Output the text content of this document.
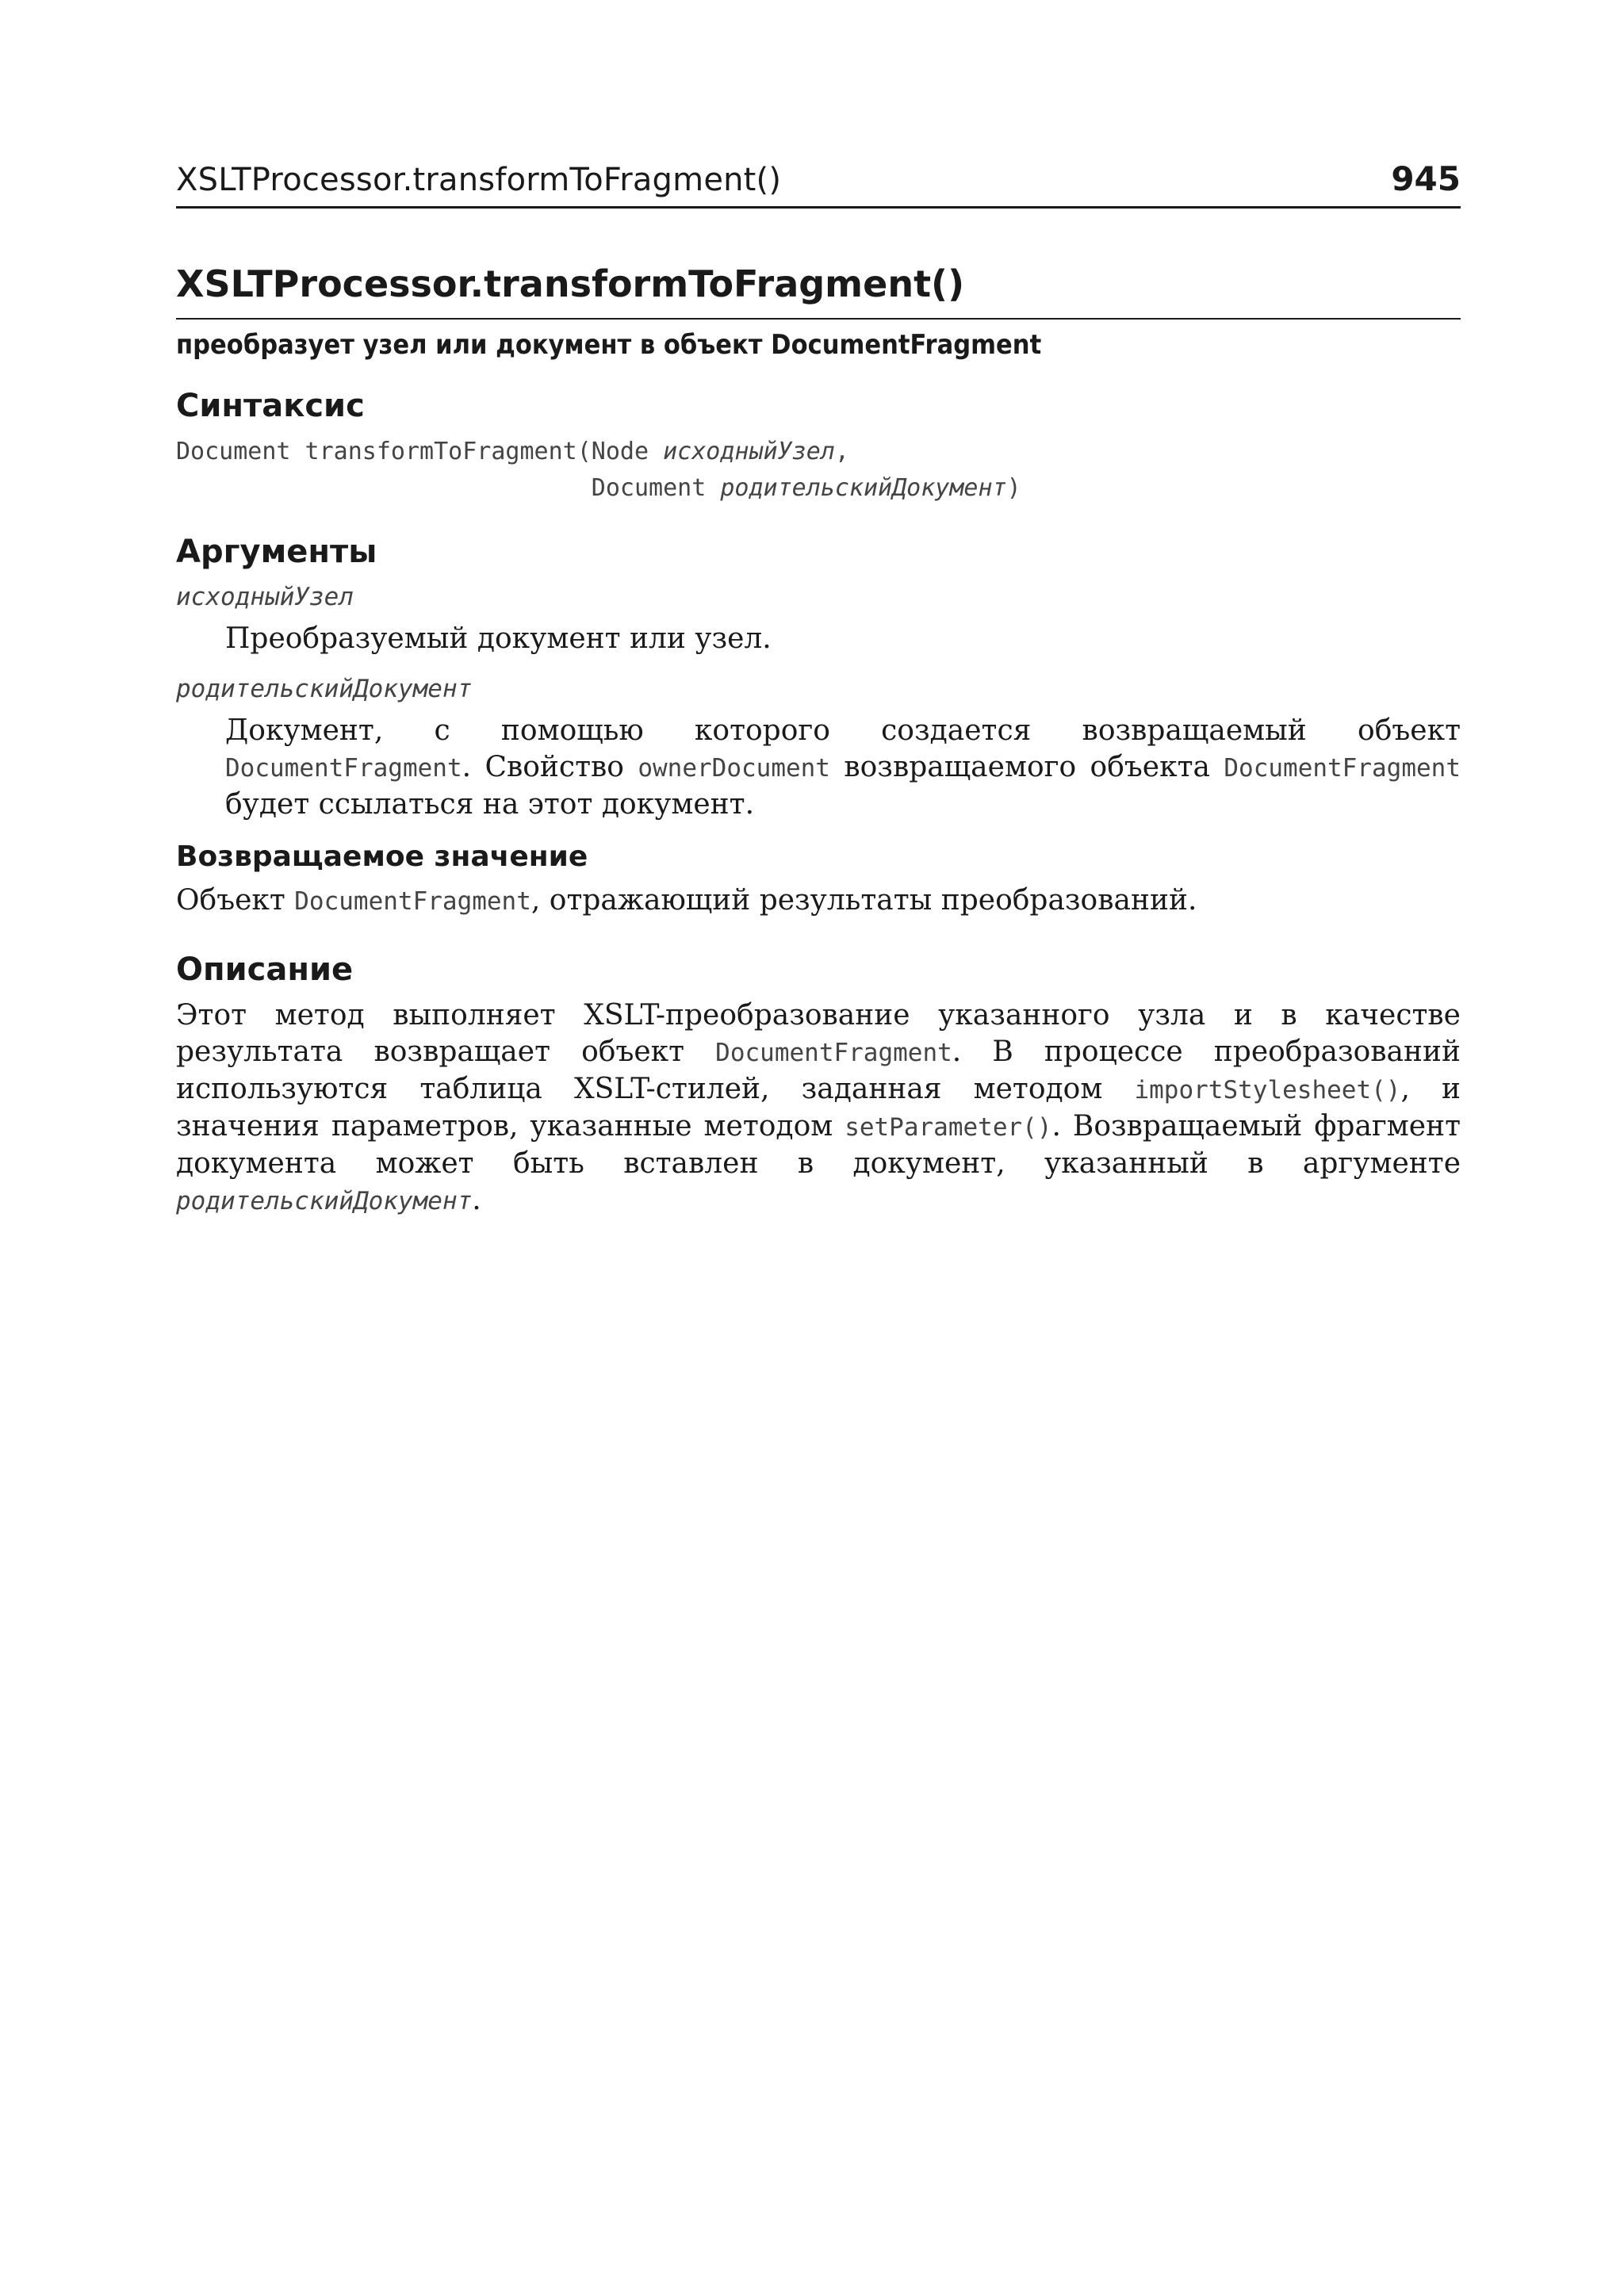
XSLTProcessor.transformToFragment()	945
XSLTProcessor.transformToFragment()
преобразует узел или документ в объект DocumentFragment
Синтаксис
Document transformToFragment(Node исходныйУзел,
Document родительскийДокумент)
Аргументы
исходныйУзел
Преобразуемый документ или узел.
родительскийДокумент
Документ, с помощью которого создается возвращаемый объект DocumentFragment. Свойство ownerDocument возвращаемого объекта DocumentFragment будет ссылаться на этот документ.
Возвращаемое значение
Объект DocumentFragment, отражающий результаты преобразований.
Описание
Этот метод выполняет XSLT-преобразование указанного узла и в качестве результата возвращает объект DocumentFragment. В процессе преобразований используются таблица XSLT-стилей, заданная методом importStylesheet(), и значения параметров, указанные методом setParameter(). Возвращаемый фрагмент документа может быть вставлен в документ, указанный в аргументе родительскийДокумент.
